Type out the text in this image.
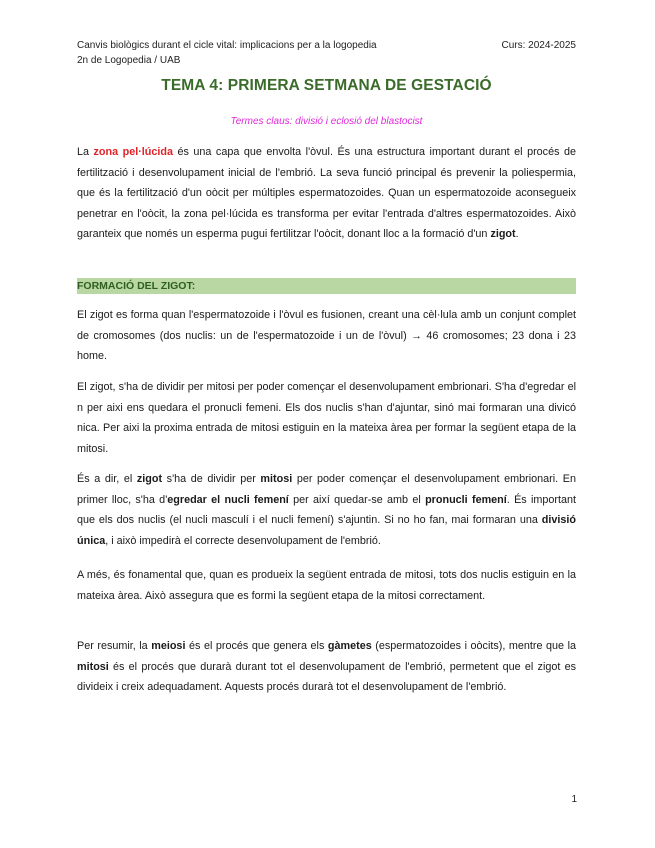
Canvis biològics durant el cicle vital: implicacions per a la logopedia
2n de Logopedia / UAB
Curs: 2024-2025
TEMA 4: PRIMERA SETMANA DE GESTACIÓ
Termes claus: divisió i eclosió del blastocist

La zona pel·lúcida és una capa que envolta l'òvul. És una estructura important durant el procés de fertilització i desenvolupament inicial de l'embrió. La seva funció principal és prevenir la poliespermia, que és la fertilització d'un oòcit per múltiples espermatozoides. Quan un espermatozoide aconsegueix penetrar en l'oòcit, la zona pel·lúcida es transforma per evitar l'entrada d'altres espermatozoides. Això garanteix que només un esperma pugui fertilitzar l'oòcit, donant lloc a la formació d'un zigot.

FORMACIÓ DEL ZIGOT:

El zigot es forma quan l'espermatozoide i l'òvul es fusionen, creant una cèl·lula amb un conjunt complet de cromosomes (dos nuclis: un de l'espermatozoide i un de l'òvul) → 46 cromosomes; 23 dona i 23 home.

El zigot, s'ha de dividir per mitosi per poder començar el desenvolupament embrionari. S'ha d'egredar el n per aixi ens quedara el pronucli femeni. Els dos nuclis s'han d'ajuntar, sinó mai formaran una divicó nica. Per aixi la proxima entrada de mitosi estiguin en la mateixa àrea per formar la següent etapa de la mitosi.

És a dir, el zigot s'ha de dividir per mitosi per poder començar el desenvolupament embrionari. En primer lloc, s'ha d'egredar el nucli femení per així quedar-se amb el pronucli femení. És important que els dos nuclis (el nucli masculí i el nucli femení) s'ajuntin. Si no ho fan, mai formaran una divisió única, i això impedirà el correcte desenvolupament de l'embrió.

A més, és fonamental que, quan es produeix la següent entrada de mitosi, tots dos nuclis estiguin en la mateixa àrea. Això assegura que es formi la següent etapa de la mitosi correctament.

Per resumir, la meiosi és el procés que genera els gàmetes (espermatozoides i oòcits), mentre que la mitosi és el procés que durarà durant tot el desenvolupament de l'embrió, permetent que el zigot es divideix i creix adequadament. Aquests procés durarà tot el desenvolupament de l'embrió.

1
